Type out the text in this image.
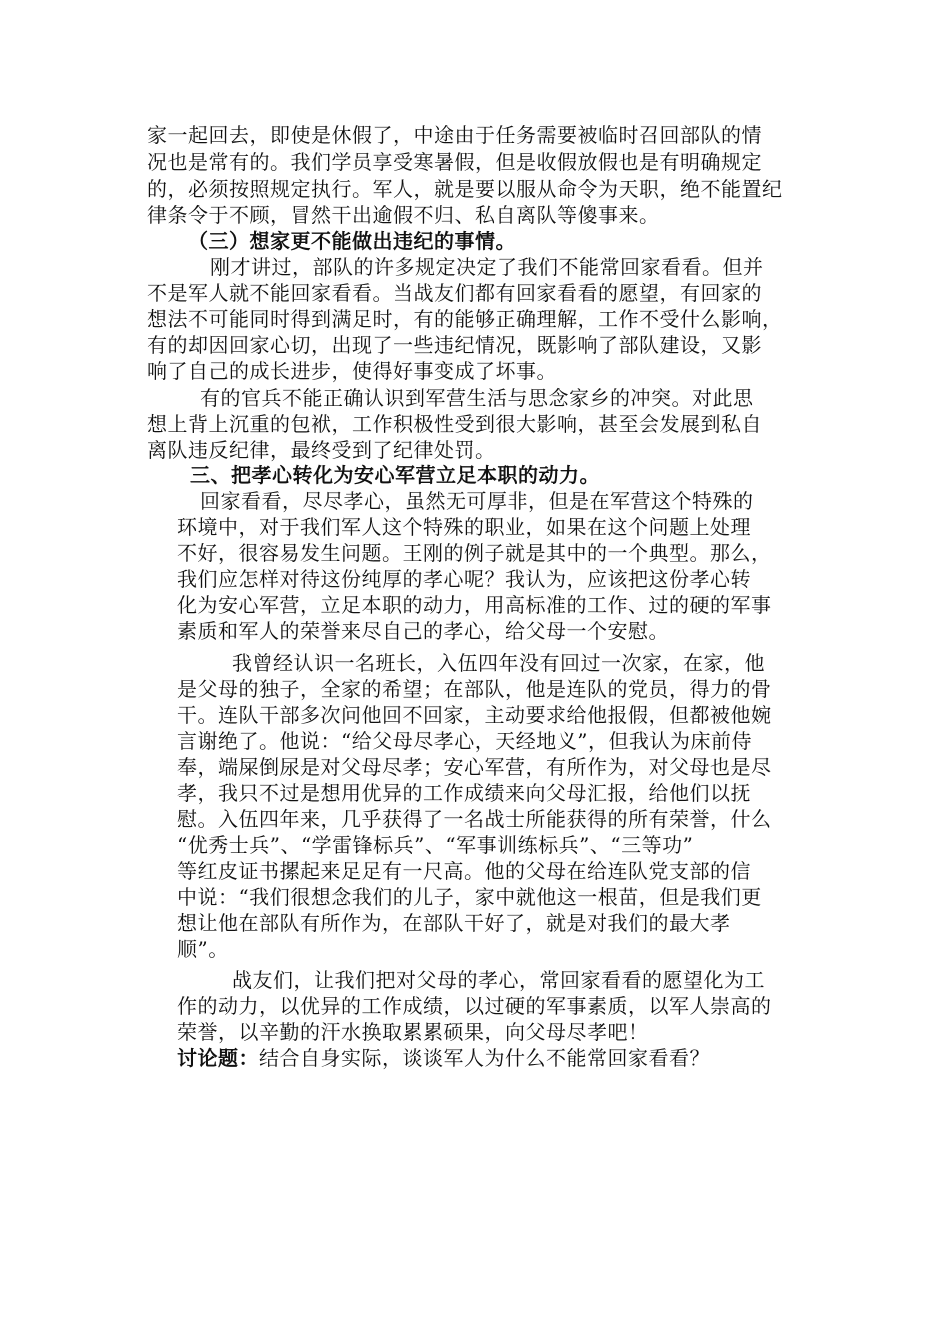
家一起回去，即使是休假了，中途由于任务需要被临时召回部队的情
况也是常有的。我们学员享受寒暑假，但是收假放假也是有明确规定
的，必须按照规定执行。军人，就是要以服从命令为天职，绝不能置纪
律条令于不顾，冒然干出逾假不归、私自离队等傻事来。
（三）想家更不能做出违纪的事情。
刚才讲过，部队的许多规定决定了我们不能常回家看看。但并
不是军人就不能回家看看。当战友们都有回家看看的愿望，有回家的
想法不可能同时得到满足时，有的能够正确理解，工作不受什么影响，
有的却因回家心切，出现了一些违纪情况，既影响了部队建设，又影
响了自己的成长进步，使得好事变成了坏事。
有的官兵不能正确认识到军营生活与思念家乡的冲突。对此思
想上背上沉重的包袱，工作积极性受到很大影响，甚至会发展到私自
离队违反纪律，最终受到了纪律处罚。
三、把孝心转化为安心军营立足本职的动力。
回家看看，尽尽孝心，虽然无可厚非，但是在军营这个特殊的
环境中，对于我们军人这个特殊的职业，如果在这个问题上处理
不好，很容易发生问题。王刚的例子就是其中的一个典型。那么，
我们应怎样对待这份纯厚的孝心呢？我认为，应该把这份孝心转
化为安心军营，立足本职的动力，用高标准的工作、过的硬的军事
素质和军人的荣誉来尽自己的孝心，给父母一个安慰。
我曾经认识一名班长，入伍四年没有回过一次家，在家，他
是父母的独子，全家的希望；在部队，他是连队的党员，得力的骨
干。连队干部多次问他回不回家，主动要求给他报假，但都被他婉
言谢绝了。他说：“给父母尽孝心，天经地义”，但我认为床前侍
奉，端屎倒尿是对父母尽孝；安心军营，有所作为，对父母也是尽
孝，我只不过是想用优异的工作成绩来向父母汇报，给他们以抚
慰。入伍四年来，几乎获得了一名战士所能获得的所有荣誉，什么
“优秀士兵”、“学雷锋标兵”、“军事训练标兵”、“三等功”
等红皮证书摞起来足足有一尺高。他的父母在给连队党支部的信
中说：“我们很想念我们的儿子，家中就他这一根苗，但是我们更
想让他在部队有所作为，在部队干好了，就是对我们的最大孝
顺”。
战友们，让我们把对父母的孝心，常回家看看的愿望化为工
作的动力，以优异的工作成绩，以过硬的军事素质，以军人崇高的
荣誉，以辛勤的汗水换取累累硕果，向父母尽孝吧！
讨论题：结合自身实际，谈谈军人为什么不能常回家看看？
